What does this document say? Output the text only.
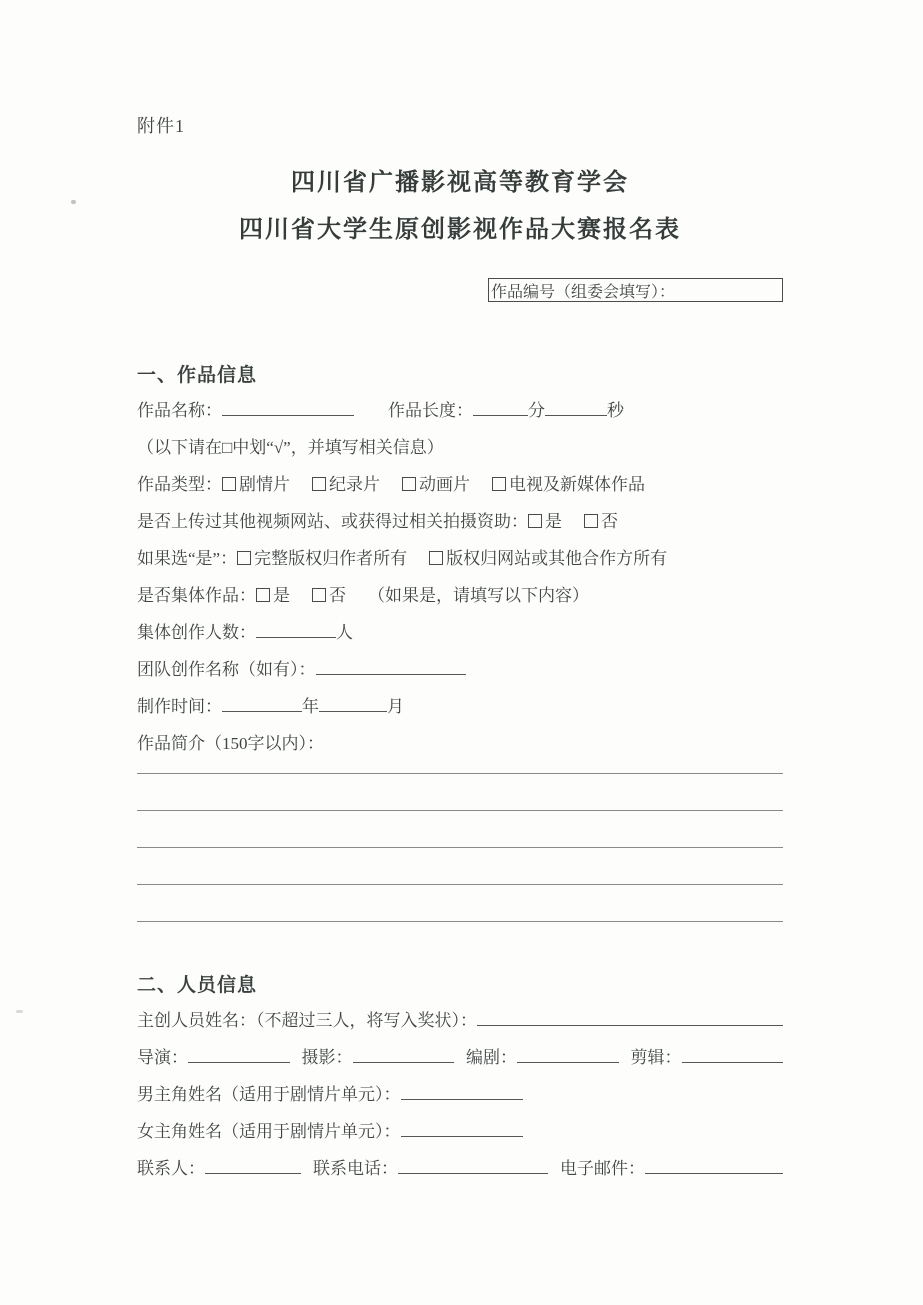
附件1
四川省广播影视高等教育学会
四川省大学生原创影视作品大赛报名表
作品编号（组委会填写）：
一、作品信息
作品名称：	作品长度：	分	秒
（以下请在□中划“√”，并填写相关信息）
作品类型：	剧情片	纪录片	动画片	电视及新媒体作品
是否上传过其他视频网站、或获得过相关拍摄资助：	是	否
如果选“是”：	完整版权归作者所有	版权归网站或其他合作方所有
是否集体作品：	是	否 （如果是，请填写以下内容）
集体创作人数：	人
团队创作名称（如有）：
制作时间：	年	月
作品简介（150字以内）：
二、人员信息
主创人员姓名：（不超过三人，将写入奖状）：
导演：	摄影：	编剧：	剪辑：
男主角姓名（适用于剧情片单元）：
女主角姓名（适用于剧情片单元）：
联系人：	联系电话：	电子邮件：
